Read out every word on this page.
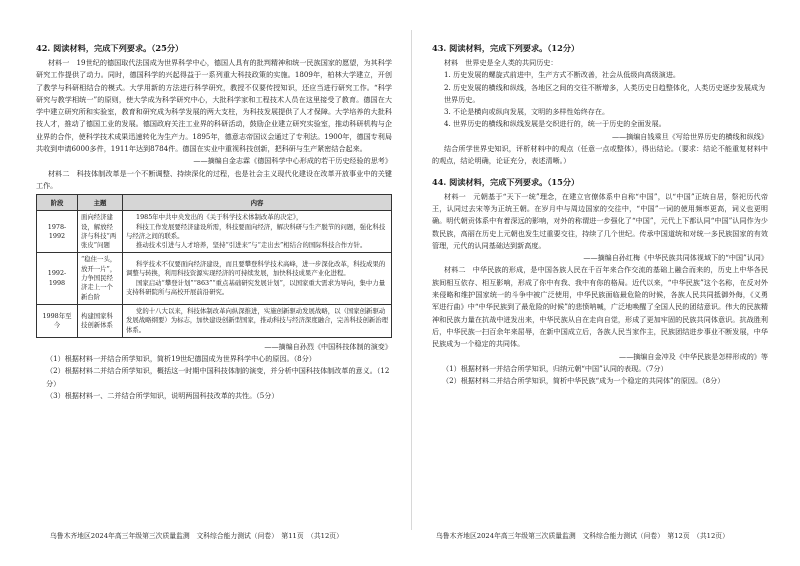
42. 阅读材料，完成下列要求。（25分）

材料一　19世纪的德国取代法国成为世界科学中心，德国人具有的批判精神和统一民族国家的愿望，为其科学研究工作提供了动力。同时，德国科学的兴起得益于一系列重大科技政策的实施。1809年，柏林大学建立，开创了教学与科研相结合的模式。大学用新的方法进行科学研究，教授不仅要传授知识，还应当进行研究工作。“科学研究与教学相统一”的原则，使大学成为科学研究中心，大批科学家和工程技术人员在这里接受了教育。德国在大学中建立研究所和实验室，教育和研究成为科学发展的两大支柱，为科技发展提供了人才保障。大学培养的大批科技人才，推动了德国工业的发展。德国政府关注工业界的科研活动，鼓励企业建立研究实验室，推动科研机构与企业界的合作，使科学技术成果迅速转化为生产力。1895年，德意志帝国议会通过了专利法。1900年，德国专利局共收到申请6000多件，1911年达到8784件。德国在实业中重视科技创新，把科研与生产紧密结合起来。

——摘编自金志霖《德国科学中心形成的若干历史经验的思考》

材料二　科技体制改革是一个不断调整、持续深化的过程，也是社会主义现代化建设在改革开放事业中的关键工作。

阶段	主题	内容
1978-1992	面向经济建设，解放经济与科技“两张皮”问题	1985年中共中央发出的《关于科学技术体制改革的决定》，

科技工作发展要经济建设所需，科技要面向经济，解决科研与生产脱节的问题，强化科技与经济之间的联系。

推动技术引进与人才培养，坚持“引进来”与“走出去”相结合的国际科技合作方针。

1992-1998	“稳住一头，放开一片”，力争国民经济走上一个新台阶	科学技术不仅要面向经济建设，而且要攀登科学技术高峰，进一步深化改革，科技成果的调整与转换，利用科技资源实现经济的可持续发展，加快科技成果产业化进程。

国家启动“攀登计划”“863”“重点基础研究发展计划”，以国家重大需求为导向，集中力量支持科研院所与高校开展前沿研究。

1998年至今	构建国家科技创新体系	党的十八大以来，科技体制改革向纵深推进，实施创新驱动发展战略，以（国家创新驱动发展战略纲要）为标志，加快建设创新型国家，推动科技与经济深度融合，完善科技创新治理体系。

——摘编自孙烈《中国科技体制的演变》

（1）根据材料一并结合所学知识，简析19世纪德国成为世界科学中心的原因。（8分）

（2）根据材料二并结合所学知识，概括这一时期中国科技体制的演变，并分析中国科技体制改革的意义。（12分）

（3）根据材料一、二并结合所学知识，说明两国科技改革的共性。（5分）

43. 阅读材料，完成下列要求。（12分）

材料　世界史是全人类的共同历史：

1. 历史发展的螺旋式前进中，生产方式不断改善，社会从低级向高级演进。

2. 历史发展的横线和纵线，各地区之间的交往不断增多，人类历史日趋整体化，人类历史逐步发展成为世界历史。

3. 不论是横向或纵向发展，文明的多样性始终存在。

4. 世界历史的横线和纵线发展是交织进行的，统一于历史的全面发展。

——摘编自钱乘旦《写给世界历史的横线和纵线》

结合所学世界史知识，评析材料中的观点（任意一点或整体），得出结论。（要求：结论不能重复材料中的观点，结论明确，论证充分，表述清晰。）

44. 阅读材料，完成下列要求。（15分）

材料一　元朝基于“天下一统”理念，在建立官僚体系中自称“中国”，以“中国”正统自居，祭祀历代帝王，认同过去宋等为正统王朝。在岁月中与周边国家的交往中，“中国”一词的使用频率更高，词义也更明确。明代朝贡体系中有着深远的影响，对外的称谓进一步强化了“中国”，元代上下都认同“中国”认同作为少数民族，高丽在历史上元朝也发生过重要交往，持续了几个世纪。传承中国道统和对统一多民族国家的有效管理，元代的认同基础达到新高度。

——摘编自孙红梅《中华民族共同体视域下的“中国”认同》

材料二　中华民族的形成，是中国各族人民在千百年来合作交流的基础上融合而来的，历史上中华各民族间相互依存、相互影响，形成了你中有我、我中有你的格局。近代以来，“中华民族”这个名称，在反对外来侵略和维护国家统一的斗争中被广泛使用，中华民族面临最危险的时候，各族人民共同抵御外侮，《义勇军进行曲》中“中华民族到了最危险的时候”的悲愤呐喊，广泛地唤醒了全国人民的团结意识。伟大的民族精神和民族力量在抗战中迸发出来，中华民族从自在走向自觉，形成了更加牢固的民族共同体意识。抗战胜利后，中华民族一扫百余年来屈辱，在新中国成立后，各族人民当家作主，民族团结进步事业不断发展，中华民族成为一个稳定的共同体。

——摘编自金冲及《中华民族是怎样形成的》等

（1）根据材料一并结合所学知识，归纳元朝“中国”认同的表现。（7分）

（2）根据材料二并结合所学知识，简析中华民族“成为一个稳定的共同体”的原因。（8分）

乌鲁木齐地区2024年高三年级第三次质量监测　文科综合能力测试（问卷）　第11页　（共12页）	乌鲁木齐地区2024年高三年级第三次质量监测　文科综合能力测试（问卷）　第12页　（共12页）
